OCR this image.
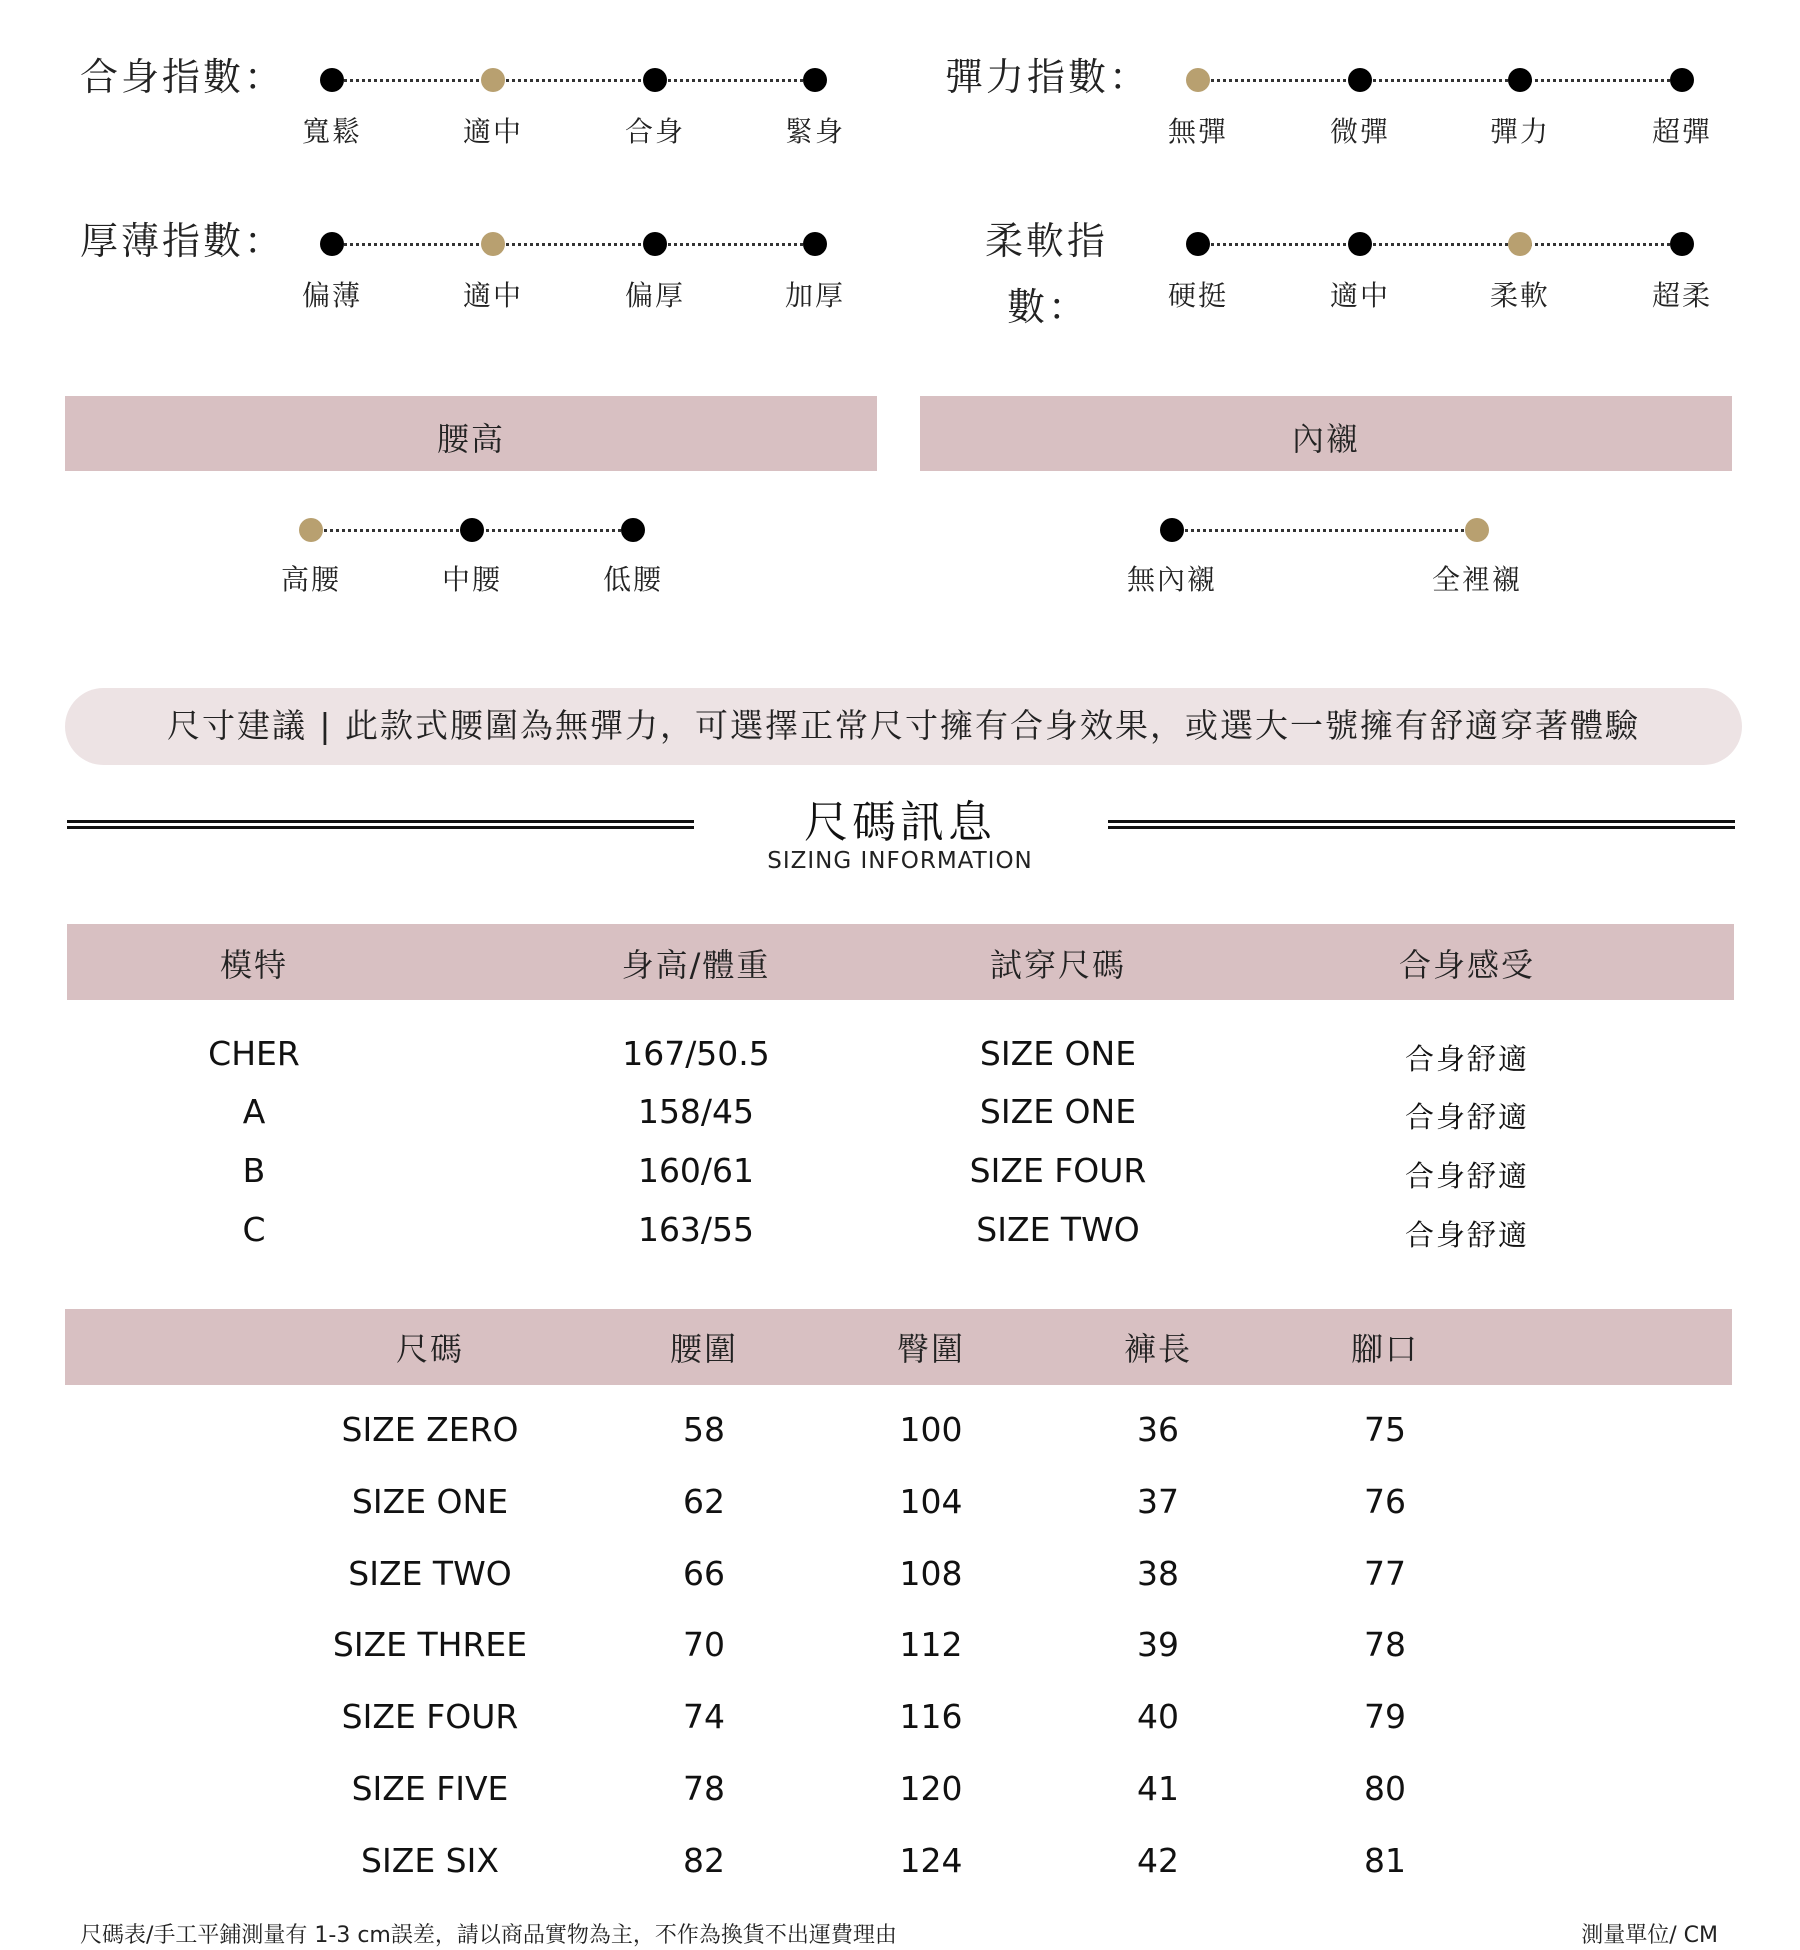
合身指數：	彈力指數：
厚薄指數：	柔軟指
數：
腰高	內襯
尺寸建議 | 此款式腰圍為無彈力，可選擇正常尺寸擁有合身效果，或選大一號擁有舒適穿著體驗
尺碼訊息
SIZING INFORMATION
尺碼表/手工平鋪測量有 1-3 cm誤差，請以商品實物為主，不作為換貨不出運費理由	測量單位/ CM
寬鬆	適中	合身	緊身	無彈	微彈	彈力	超彈
偏薄	適中	偏厚	加厚	硬挺	適中	柔軟	超柔
高腰	中腰	低腰	無內襯	全裡襯
模特	身高/體重	試穿尺碼	合身感受
CHER	167/50.5	SIZE ONE	合身舒適
A	158/45	SIZE ONE	合身舒適
B	160/61	SIZE FOUR	合身舒適
C	163/55	SIZE TWO	合身舒適
尺碼	腰圍	臀圍	褲長	腳口
SIZE ZERO	58	100	36	75
SIZE ONE	62	104	37	76
SIZE TWO	66	108	38	77
SIZE THREE	70	112	39	78
SIZE FOUR	74	116	40	79
SIZE FIVE	78	120	41	80
SIZE SIX	82	124	42	81
